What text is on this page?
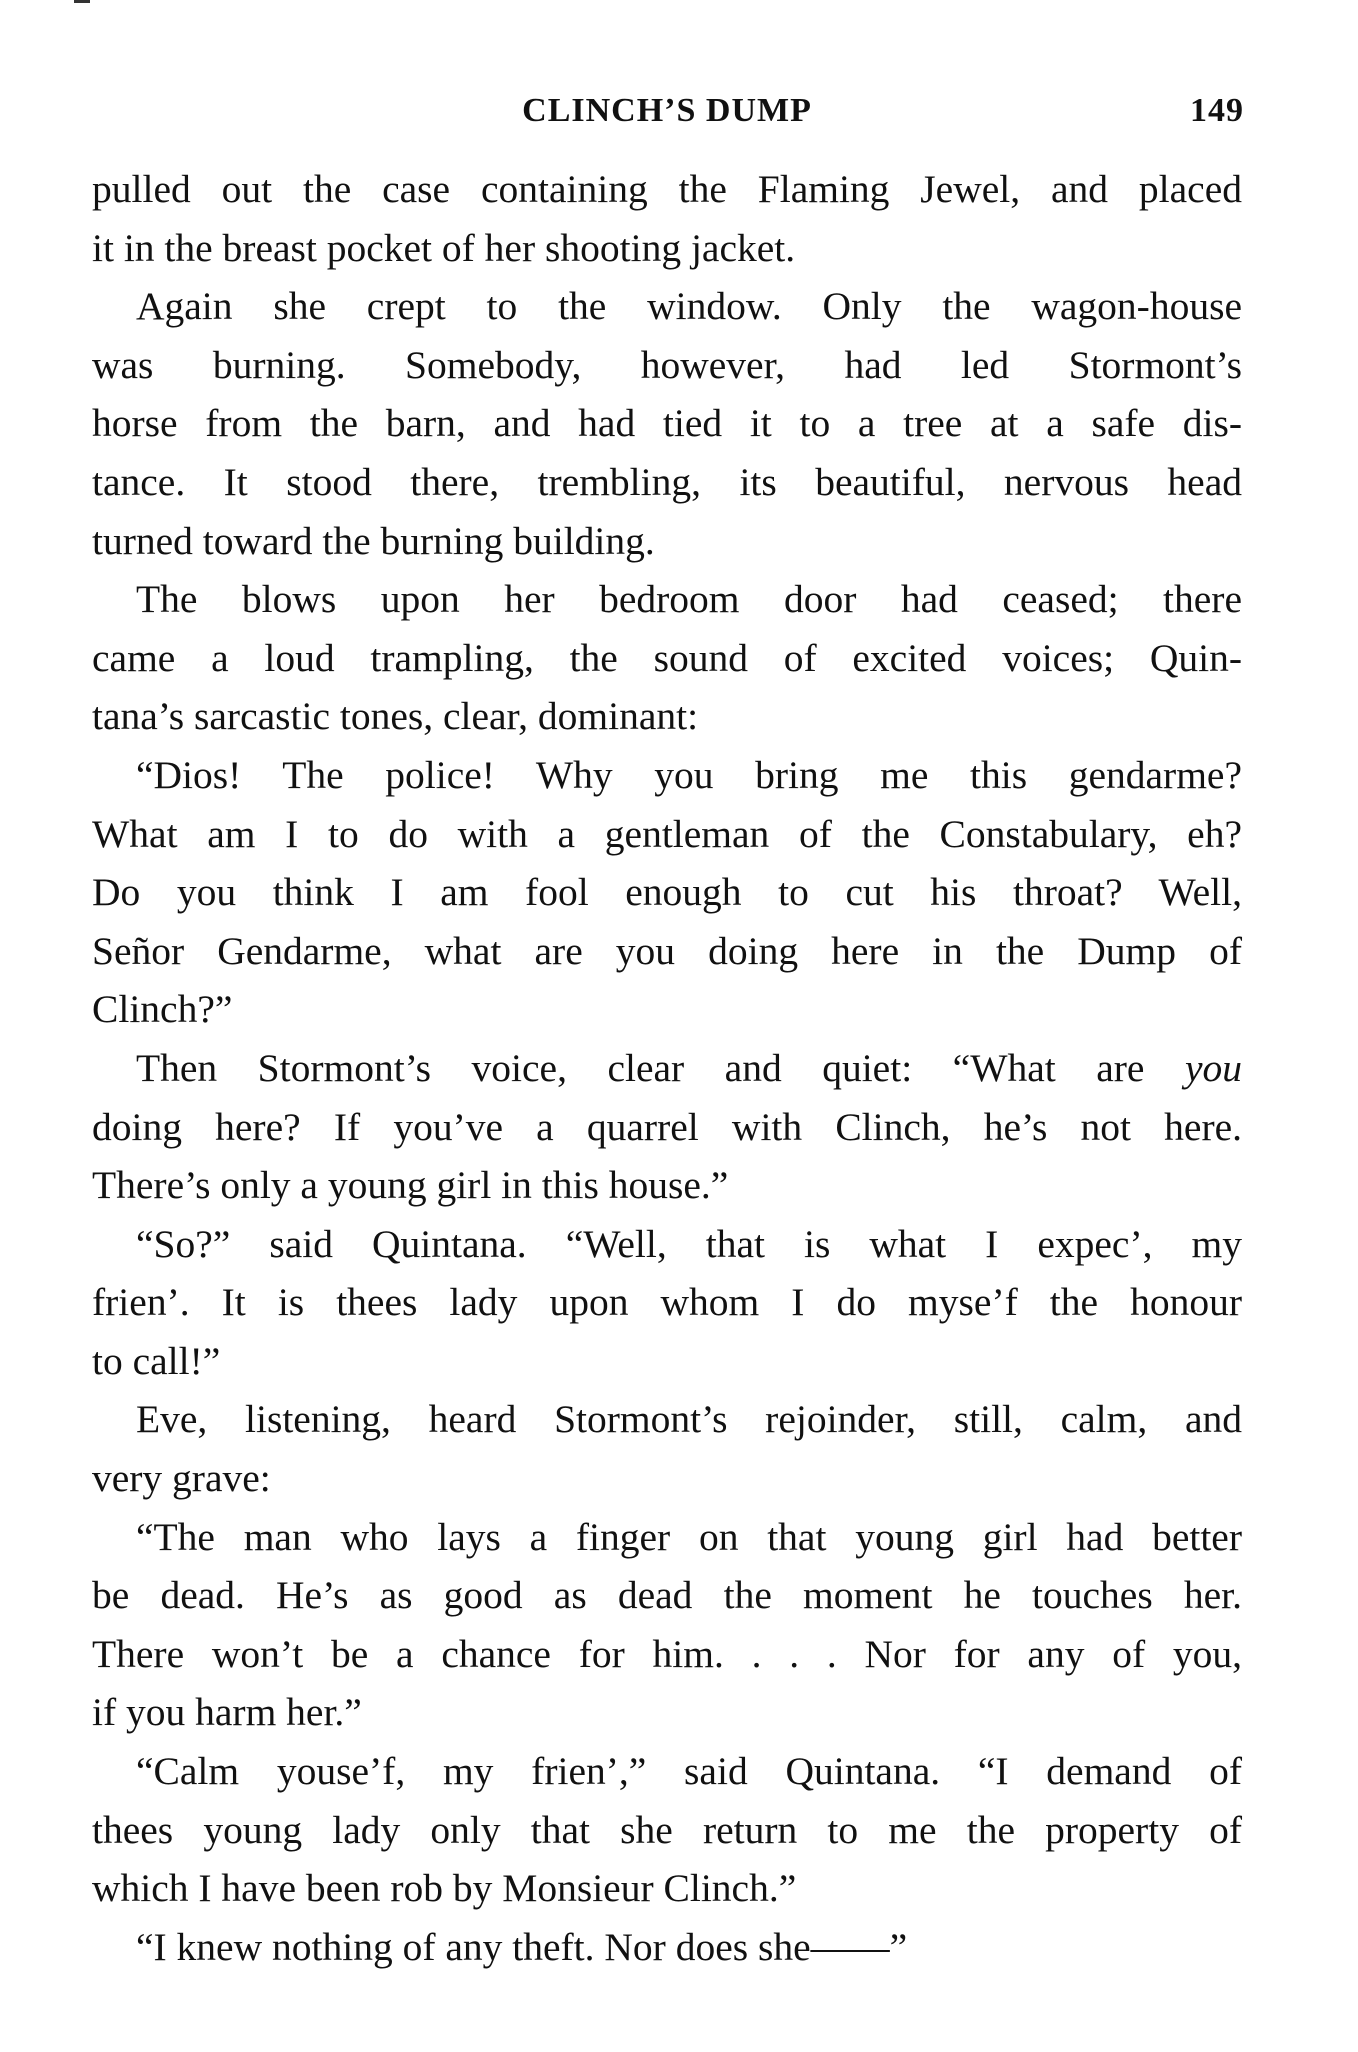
CLINCH’S DUMP	149
pulled out the case containing the Flaming Jewel, and placed
it in the breast pocket of her shooting jacket.
Again she crept to the window. Only the wagon-house
was burning. Somebody, however, had led Stormont’s
horse from the barn, and had tied it to a tree at a safe dis-
tance. It stood there, trembling, its beautiful, nervous head
turned toward the burning building.
The blows upon her bedroom door had ceased; there
came a loud trampling, the sound of excited voices; Quin-
tana’s sarcastic tones, clear, dominant:
“Dios! The police! Why you bring me this gendarme?
What am I to do with a gentleman of the Constabulary, eh?
Do you think I am fool enough to cut his throat? Well,
Señor Gendarme, what are you doing here in the Dump of
Clinch?”
Then Stormont’s voice, clear and quiet: “What are you
doing here? If you’ve a quarrel with Clinch, he’s not here.
There’s only a young girl in this house.”
“So?” said Quintana. “Well, that is what I expec’, my
frien’. It is thees lady upon whom I do myse’f the honour
to call!”
Eve, listening, heard Stormont’s rejoinder, still, calm, and
very grave:
“The man who lays a finger on that young girl had better
be dead. He’s as good as dead the moment he touches her.
There won’t be a chance for him. . . . Nor for any of you,
if you harm her.”
“Calm youse’f, my frien’,” said Quintana. “I demand of
thees young lady only that she return to me the property of
which I have been rob by Monsieur Clinch.”
“I knew nothing of any theft. Nor does she——”
